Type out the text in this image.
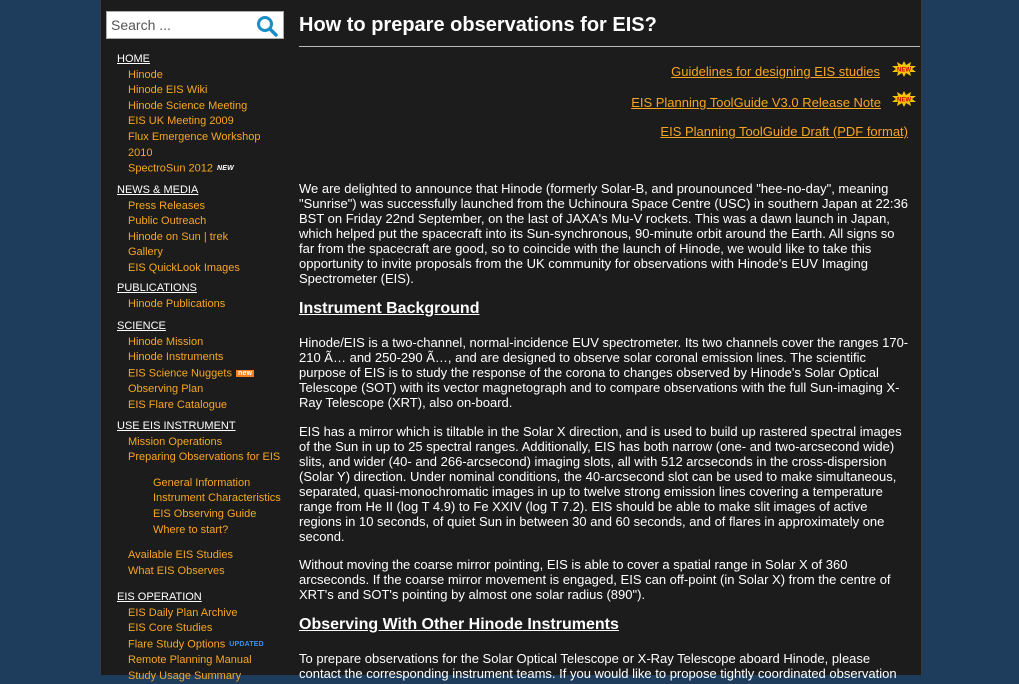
Search ...
HOME
Hinode
Hinode EIS Wiki
Hinode Science Meeting
EIS UK Meeting 2009
Flux Emergence Workshop
2010
SpectroSun 2012 NEW
NEWS & MEDIA
Press Releases
Public Outreach
Hinode on Sun | trek
Gallery
EIS QuickLook Images
PUBLICATIONS
Hinode Publications
SCIENCE
Hinode Mission
Hinode Instruments
EIS Science Nuggets new
Observing Plan
EIS Flare Catalogue
USE EIS INSTRUMENT
Mission Operations
Preparing Observations for EIS
General Information
Instrument Characteristics
EIS Observing Guide
Where to start?
Available EIS Studies
What EIS Observes
EIS OPERATION
EIS Daily Plan Archive
EIS Core Studies
Flare Study Options UPDATED
Remote Planning Manual
Study Usage Summary
How to prepare observations for EIS?
Guidelines for designing EIS studies	NEW
EIS Planning ToolGuide V3.0 Release Note	NEW
EIS Planning ToolGuide Draft (PDF format)

We are delighted to announce that Hinode (formerly Solar-B, and prounounced "hee-no-day", meaning "Sunrise") was successfully launched from the Uchinoura Space Centre (USC) in southern Japan at 22:36 BST on Friday 22nd September, on the last of JAXA's Mu-V rockets. This was a dawn launch in Japan, which helped put the spacecraft into its Sun-synchronous, 90-minute orbit around the Earth. All signs so far from the spacecraft are good, so to coincide with the launch of Hinode, we would like to take this opportunity to invite proposals from the UK community for observations with Hinode's EUV Imaging Spectrometer (EIS).

Instrument Background

Hinode/EIS is a two-channel, normal-incidence EUV spectrometer. Its two channels cover the ranges 170-210 Ã… and 250-290 Ã…, and are designed to observe solar coronal emission lines. The scientific purpose of EIS is to study the response of the corona to changes observed by Hinode's Solar Optical Telescope (SOT) with its vector magnetograph and to compare observations with the full Sun-imaging X-Ray Telescope (XRT), also on-board.

EIS has a mirror which is tiltable in the Solar X direction, and is used to build up rastered spectral images of the Sun in up to 25 spectral ranges. Additionally, EIS has both narrow (one- and two-arcsecond wide) slits, and wider (40- and 266-arcsecond) imaging slots, all with 512 arcseconds in the cross-dispersion (Solar Y) direction. Under nominal conditions, the 40-arcsecond slot can be used to make simultaneous, separated, quasi-monochromatic images in up to twelve strong emission lines covering a temperature range from He II (log T 4.9) to Fe XXIV (log T 7.2). EIS should be able to make slit images of active regions in 10 seconds, of quiet Sun in between 30 and 60 seconds, and of flares in approximately one second.

Without moving the coarse mirror pointing, EIS is able to cover a spatial range in Solar X of 360 arcseconds. If the coarse mirror movement is engaged, EIS can off-point (in Solar X) from the centre of XRT's and SOT's pointing by almost one solar radius (890").

Observing With Other Hinode Instruments

To prepare observations for the Solar Optical Telescope or X-Ray Telescope aboard Hinode, please contact the corresponding instrument teams. If you would like to propose tightly coordinated observation
